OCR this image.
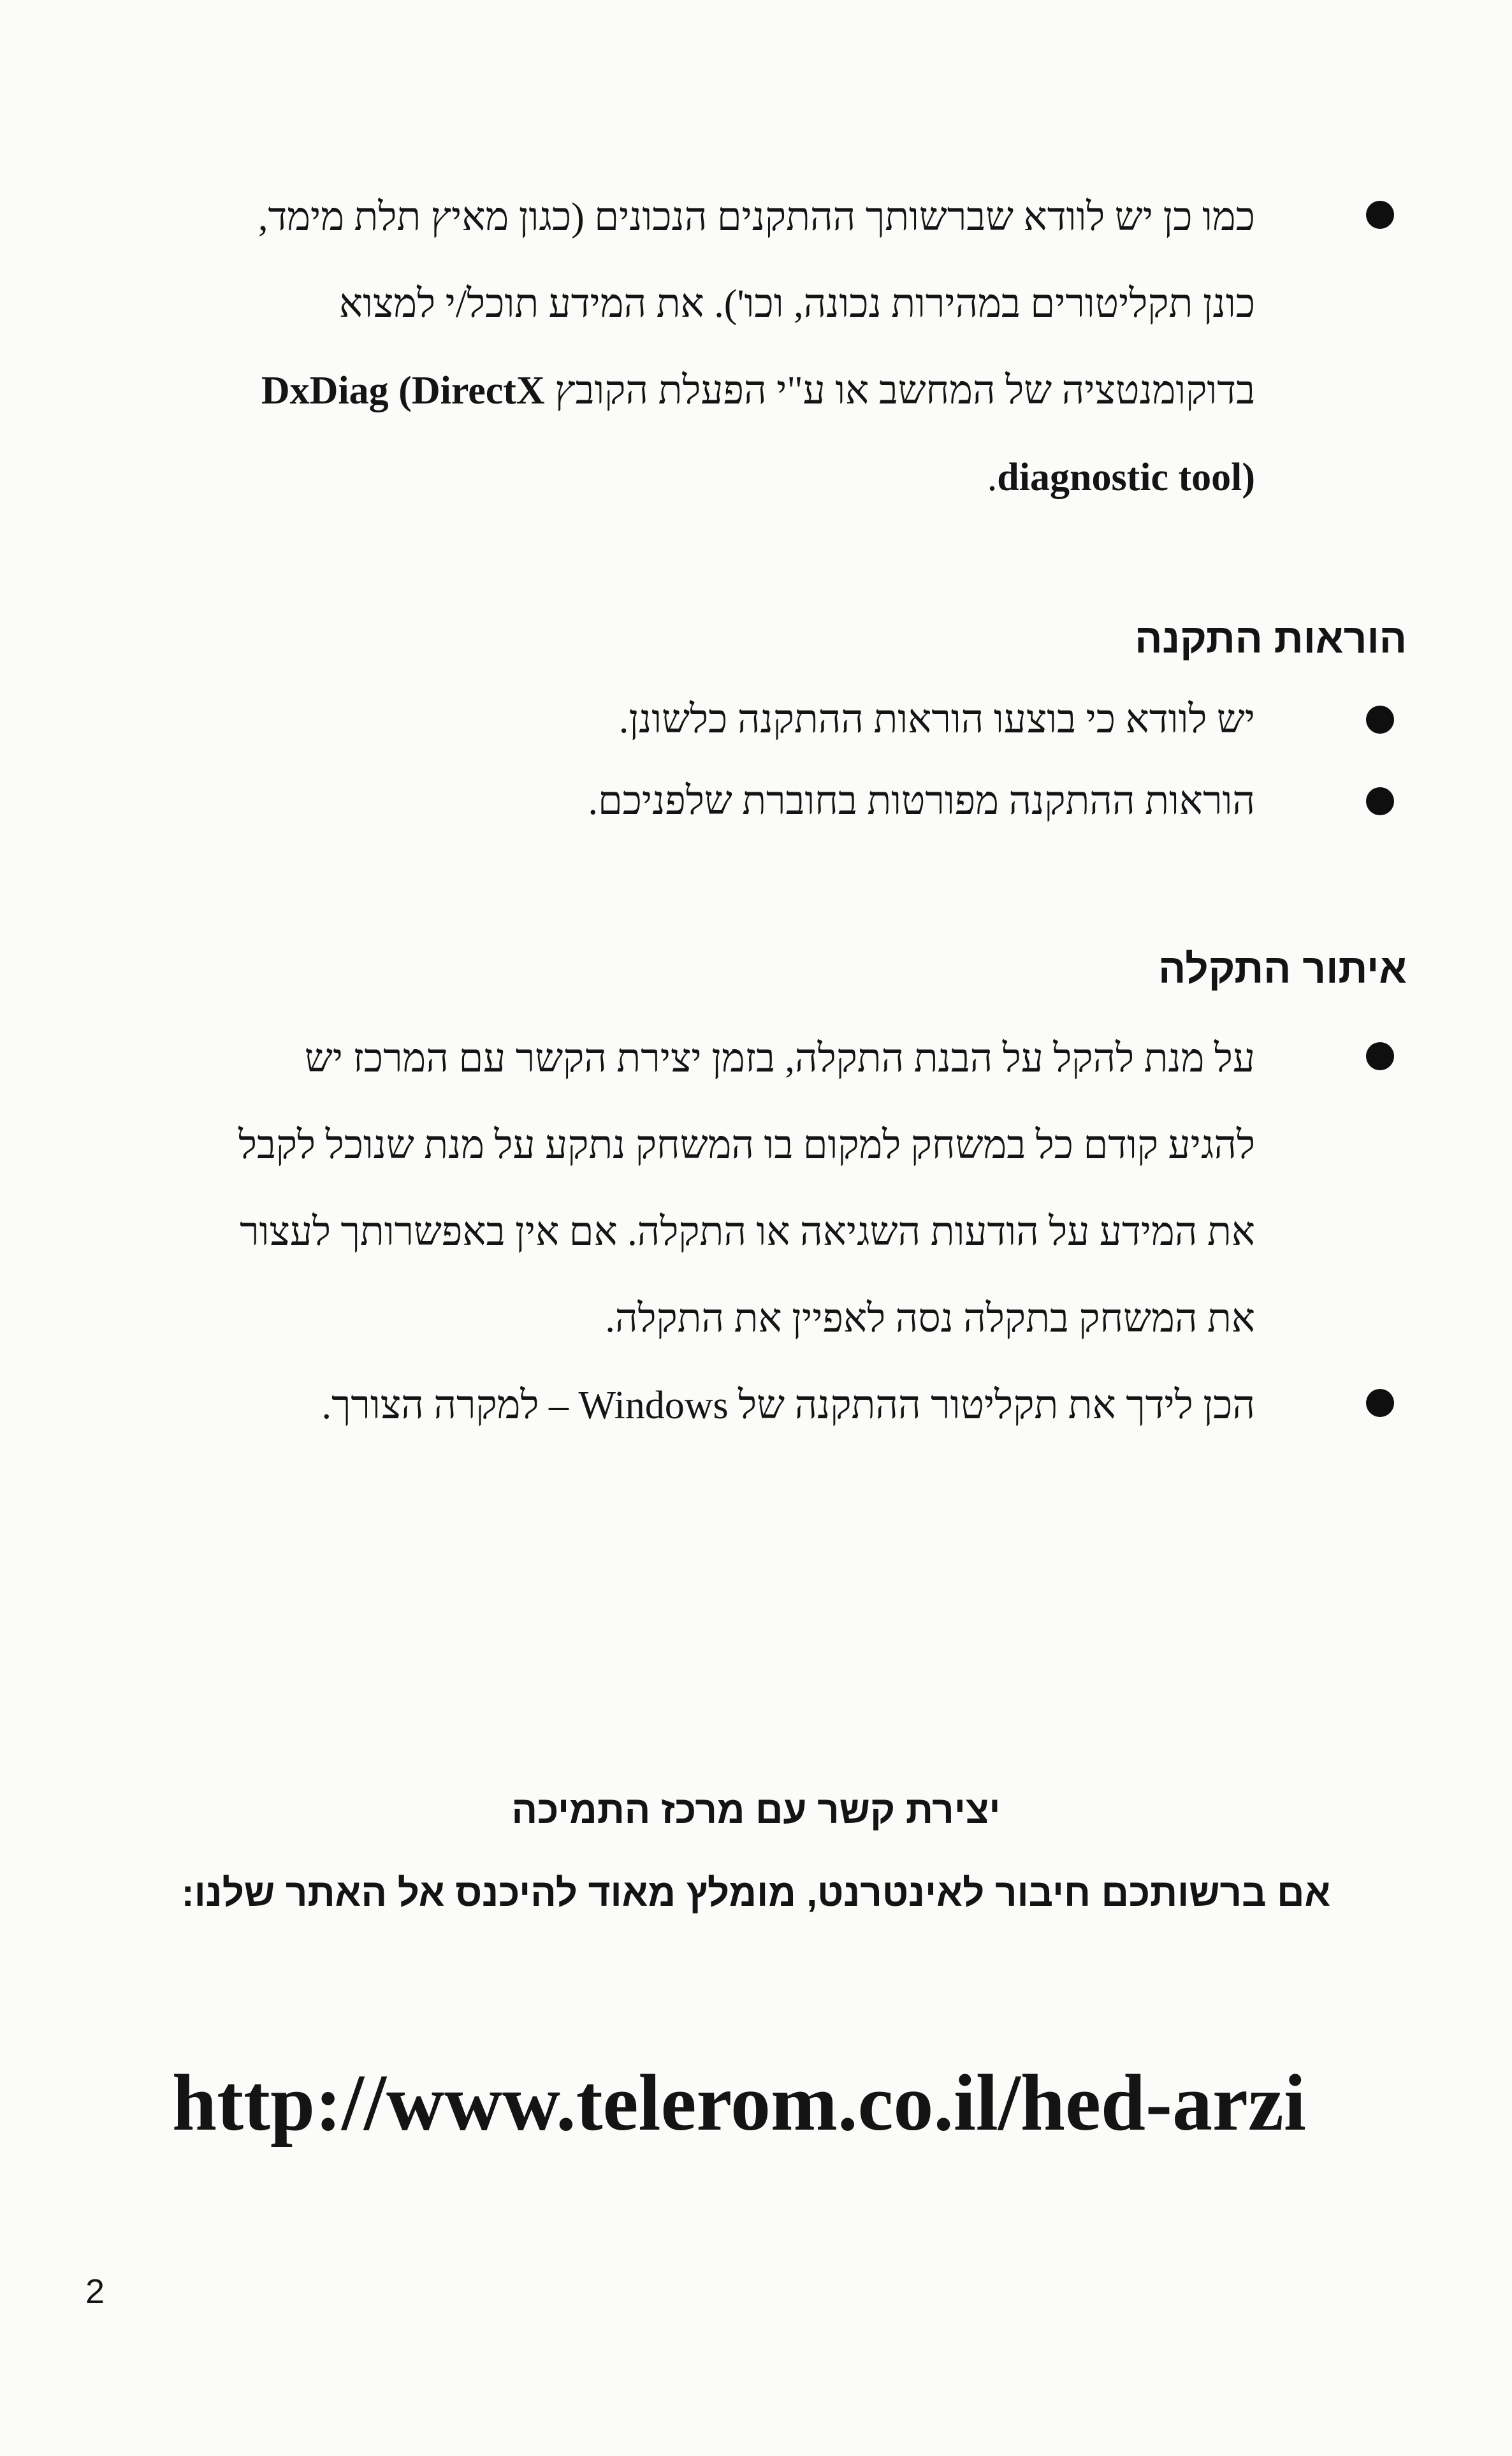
כמו כן יש לוודא שברשותך ההתקנים הנכונים (כגון מאיץ תלת מימד, כונן תקליטורים במהירות נכונה, וכו'). את המידע תוכל/י למצוא בדוקומנטציה של המחשב או ע"י הפעלת הקובץ DxDiag (DirectX diagnostic tool).
הוראות התקנה
יש לוודא כי בוצעו הוראות ההתקנה כלשונן.
הוראות ההתקנה מפורטות בחוברת שלפניכם.
איתור התקלה
על מנת להקל על הבנת התקלה, בזמן יצירת הקשר עם המרכז יש להגיע קודם כל במשחק למקום בו המשחק נתקע על מנת שנוכל לקבל את המידע על הודעות השגיאה או התקלה. אם אין באפשרותך לעצור את המשחק בתקלה נסה לאפיין את התקלה.
הכן לידך את תקליטור ההתקנה של Windows – למקרה הצורך.
יצירת קשר עם מרכז התמיכה
אם ברשותכם חיבור לאינטרנט, מומלץ מאוד להיכנס אל האתר שלנו:
http://www.telerom.co.il/hed-arzi
2
